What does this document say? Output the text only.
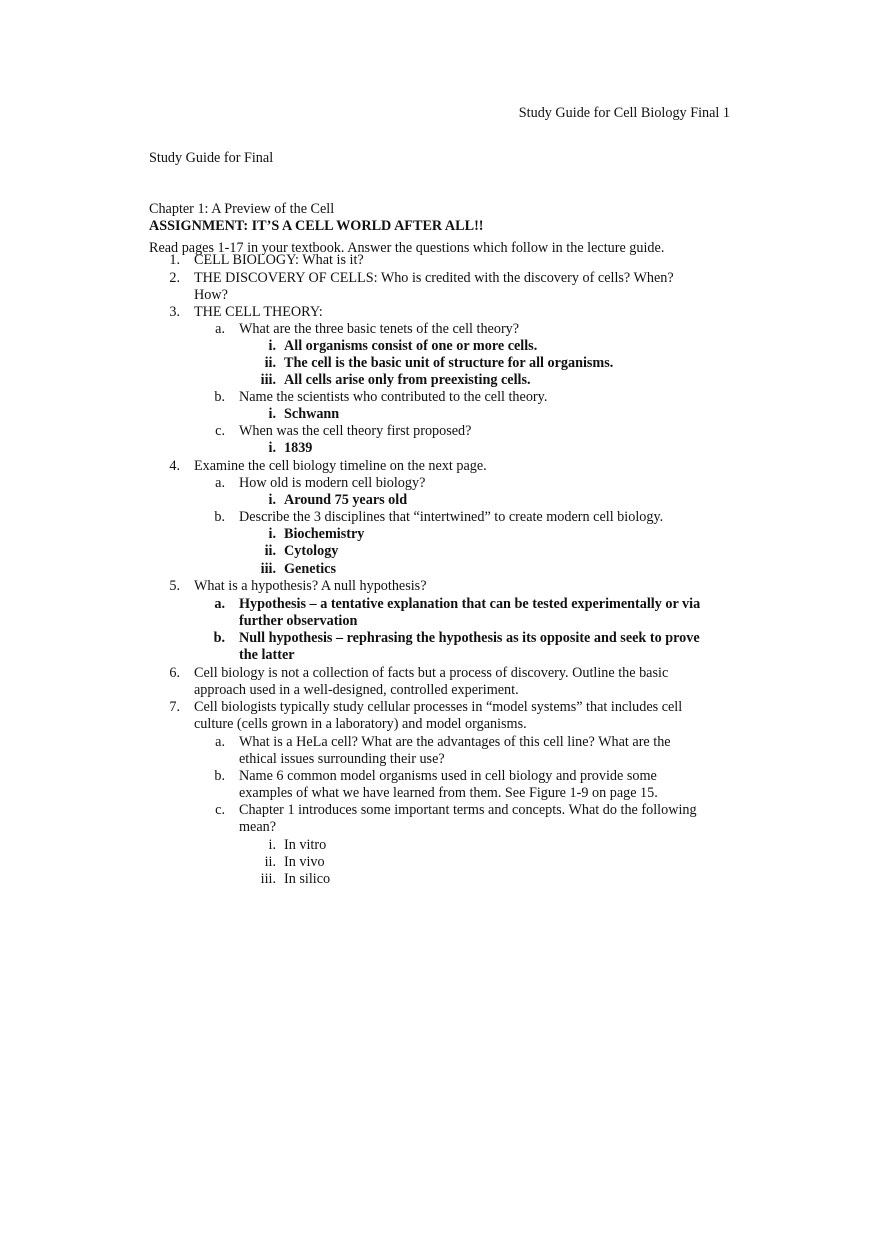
Study Guide for Cell Biology Final 1
Study Guide for Final
Chapter 1: A Preview of the Cell
ASSIGNMENT: IT’S A CELL WORLD AFTER ALL!!
Read pages 1-17 in your textbook. Answer the questions which follow in the lecture guide.
1. CELL BIOLOGY: What is it?
2. THE DISCOVERY OF CELLS: Who is credited with the discovery of cells? When?
How?
3. THE CELL THEORY:
a. What are the three basic tenets of the cell theory?
i. All organisms consist of one or more cells.
ii. The cell is the basic unit of structure for all organisms.
iii. All cells arise only from preexisting cells.
b. Name the scientists who contributed to the cell theory.
i. Schwann
c. When was the cell theory first proposed?
i. 1839
4. Examine the cell biology timeline on the next page.
a. How old is modern cell biology?
i. Around 75 years old
b. Describe the 3 disciplines that “intertwined” to create modern cell biology.
i. Biochemistry
ii. Cytology
iii. Genetics
5. What is a hypothesis? A null hypothesis?
a. Hypothesis – a tentative explanation that can be tested experimentally or via
further observation
b. Null hypothesis – rephrasing the hypothesis as its opposite and seek to prove
the latter
6. Cell biology is not a collection of facts but a process of discovery. Outline the basic
approach used in a well-designed, controlled experiment.
7. Cell biologists typically study cellular processes in “model systems” that includes cell
culture (cells grown in a laboratory) and model organisms.
a. What is a HeLa cell? What are the advantages of this cell line? What are the
ethical issues surrounding their use?
b. Name 6 common model organisms used in cell biology and provide some
examples of what we have learned from them. See Figure 1-9 on page 15.
c. Chapter 1 introduces some important terms and concepts. What do the following
mean?
i. In vitro
ii. In vivo
iii. In silico
